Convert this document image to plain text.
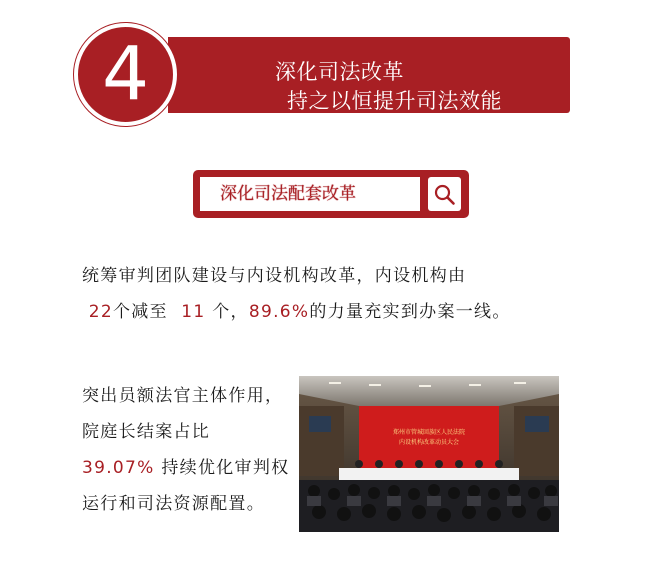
4	深化司法改革
持之以恒提升司法效能
深化司法配套改革
统筹审判团队建设与内设机构改革，内设机构由
22个减至 11 个，89.6%的力量充实到办案一线。
突出员额法官主体作用，院庭长结案占比39.07% 持续优化审判权运行和司法资源配置。
郑州市管城回族区人民法院
内设机构改革动员大会
